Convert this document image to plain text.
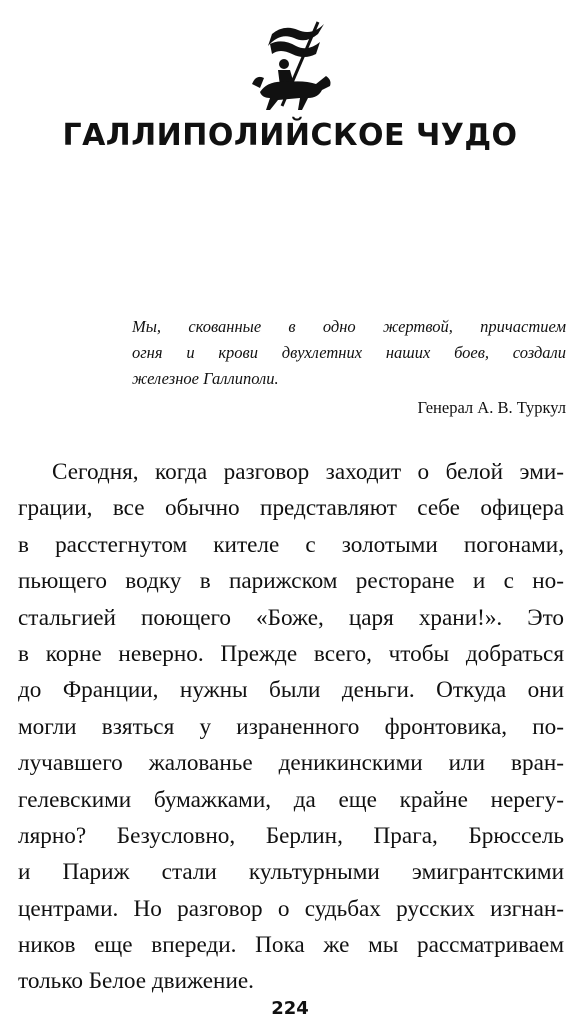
ГАЛЛИПОЛИЙСКОЕ ЧУДО
Мы, скованные в одно жертвой, причастием
огня и крови двухлетних наших боев, создали
железное Галлиполи.
Генерал А. В. Туркул
Сегодня, когда разговор заходит о белой эми-
грации, все обычно представляют себе офицера
в расстегнутом кителе с золотыми погонами,
пьющего водку в парижском ресторане и с но-
стальгией поющего «Боже, царя храни!». Это
в корне неверно. Прежде всего, чтобы добраться
до Франции, нужны были деньги. Откуда они
могли взяться у израненного фронтовика, по-
лучавшего жалованье деникинскими или вран-
гелевскими бумажками, да еще крайне нерегу-
лярно? Безусловно, Берлин, Прага, Брюссель
и Париж стали культурными эмигрантскими
центрами. Но разговор о судьбах русских изгнан-
ников еще впереди. Пока же мы рассматриваем
только Белое движение.
224
